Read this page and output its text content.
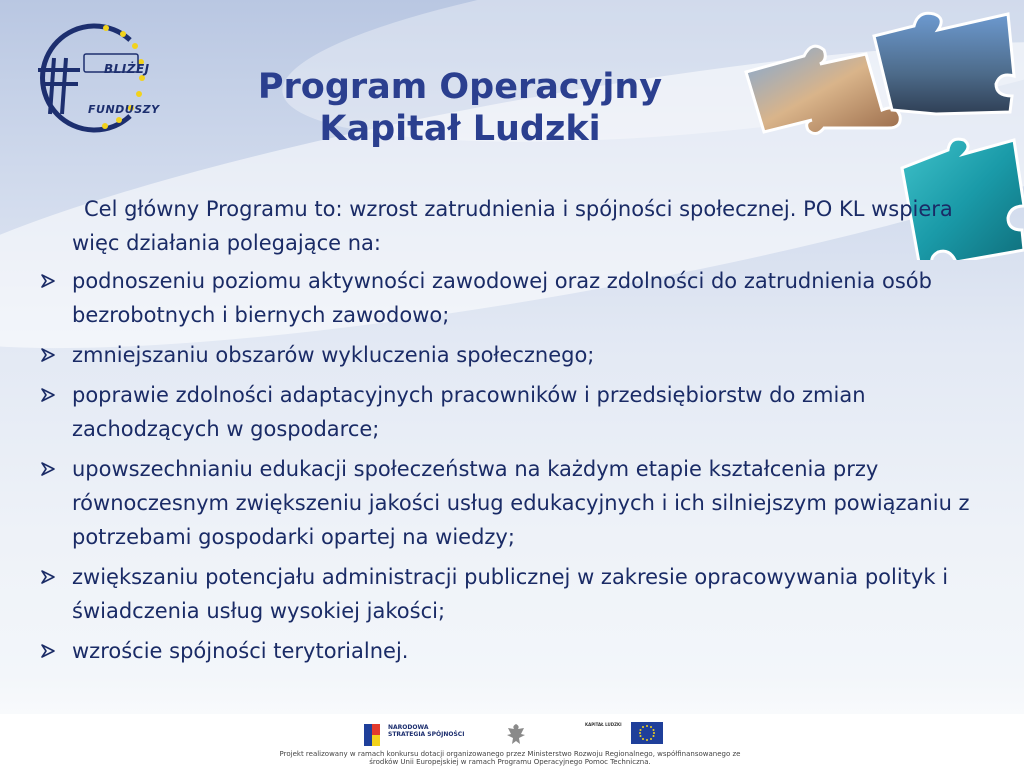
BLIŻEJ
FUNDUSZY
Program Operacyjny
Kapitał Ludzki

Cel główny Programu to: wzrost zatrudnienia i spójności społecznej. PO KL wspiera więc działania polegające na:

podnoszeniu poziomu aktywności zawodowej oraz zdolności do zatrudnienia osób bezrobotnych i biernych zawodowo;
zmniejszaniu obszarów wykluczenia społecznego;
poprawie zdolności adaptacyjnych pracowników i przedsiębiorstw do zmian zachodzących w gospodarce;
upowszechnianiu edukacji społeczeństwa na każdym etapie kształcenia przy równoczesnym zwiększeniu jakości usług edukacyjnych i ich silniejszym powiązaniu z potrzebami gospodarki opartej na wiedzy;
zwiększaniu potencjału administracji publicznej w zakresie opracowywania polityk i świadczenia usług wysokiej jakości;
wzroście spójności terytorialnej.
NARODOWA
STRATEGIA SPÓJNOŚCI
KAPITAŁ LUDZKI
Projekt realizowany w ramach konkursu dotacji organizowanego przez Ministerstwo Rozwoju Regionalnego, współfinansowanego ze środków Unii Europejskiej w ramach Programu Operacyjnego Pomoc Techniczna.
